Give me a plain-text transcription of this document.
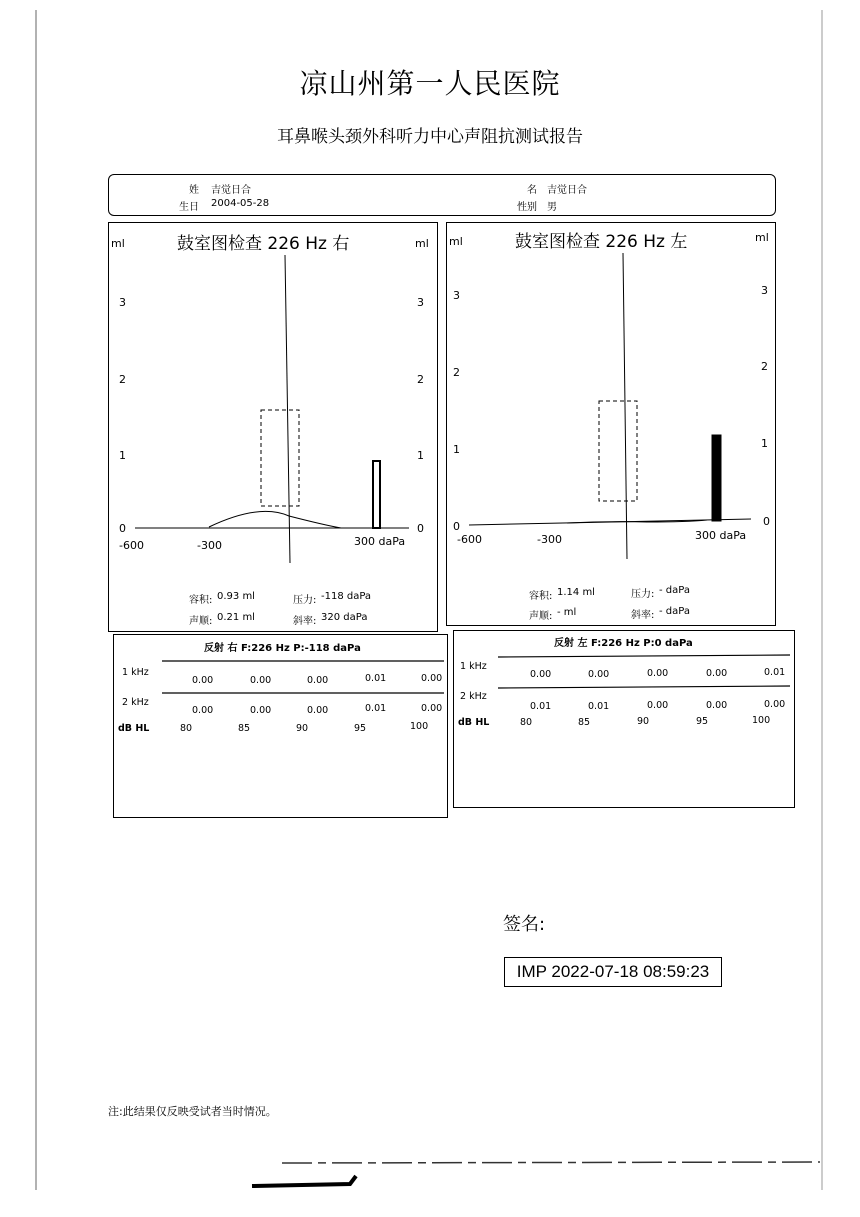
凉山州第一人民医院
耳鼻喉头颈外科听力中心声阻抗测试报告
姓 吉觉日合
生日 2004-05-28
名 吉觉日合
性别 男
鼓室图检查 226 Hz 右
ml	ml
3
2
1
0
3
2
1
0
-600	-300	300 daPa
容积: 0.93 ml	压力: -118 daPa
声顺: 0.21 ml	斜率: 320 daPa
鼓室图检查 226 Hz 左
ml	ml
3
2
1
0
3
2
1
0
-600	-300	300 daPa
容积: 1.14 ml	压力: - daPa
声顺: - ml	斜率: - daPa
反射 右 F:226 Hz P:-118 daPa
1 kHz
0.00	0.00	0.00	0.01	0.00
2 kHz
0.00	0.00	0.00	0.01	0.00
dB HL	80	85	90	95	100
反射 左 F:226 Hz P:0 daPa
1 kHz
0.00	0.00	0.00	0.00	0.01
2 kHz
0.01	0.01	0.00	0.00	0.00
dB HL	80	85	90	95	100
签名:
IMP 2022-07-18 08:59:23
注:此结果仅反映受试者当时情况。
